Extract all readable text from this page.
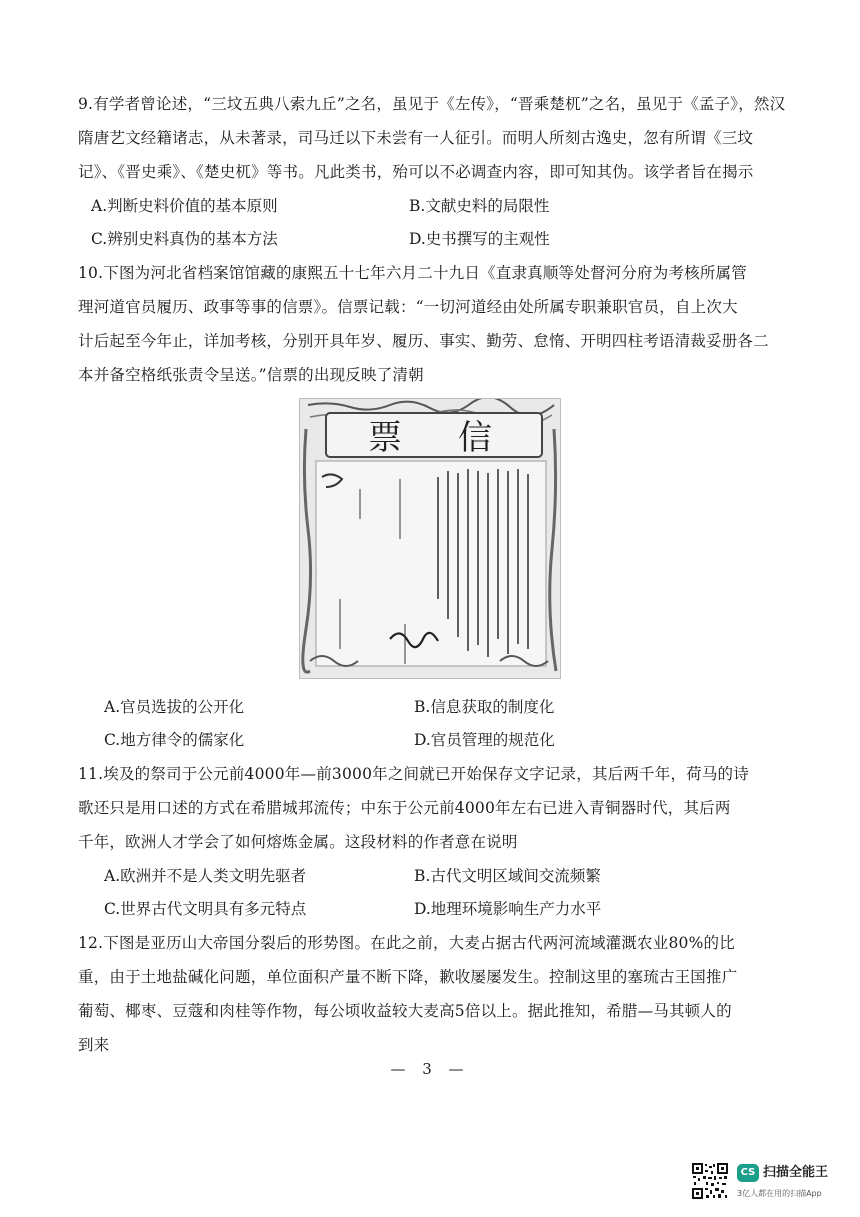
9.有学者曾论述，“三坟五典八索九丘”之名，虽见于《左传》，“晋乘楚杌”之名，虽见于《孟子》，然汉
隋唐艺文经籍诸志，从未著录，司马迁以下未尝有一人征引。而明人所刻古逸史，忽有所谓《三坟
记》、《晋史乘》、《楚史杌》等书。凡此类书，殆可以不必调查内容，即可知其伪。该学者旨在揭示
A.判断史料价值的基本原则	B.文献史料的局限性
C.辨别史料真伪的基本方法	D.史书撰写的主观性
10.下图为河北省档案馆馆藏的康熙五十七年六月二十九日《直隶真顺等处督河分府为考核所属管
理河道官员履历、政事等事的信票》。信票记载：“一切河道经由处所属专职兼职官员，自上次大
计后起至今年止，详加考核，分别开具年岁、履历、事实、勤劳、怠惰、开明四柱考语清裁妥册各二
本并备空格纸张责令呈送。”信票的出现反映了清朝
票 信
A.官员选拔的公开化	B.信息获取的制度化
C.地方律令的儒家化	D.官员管理的规范化
11.埃及的祭司于公元前4000年—前3000年之间就已开始保存文字记录，其后两千年，荷马的诗
歌还只是用口述的方式在希腊城邦流传；中东于公元前4000年左右已进入青铜器时代，其后两
千年，欧洲人才学会了如何熔炼金属。这段材料的作者意在说明
A.欧洲并不是人类文明先驱者	B.古代文明区域间交流频繁
C.世界古代文明具有多元特点	D.地理环境影响生产力水平
12.下图是亚历山大帝国分裂后的形势图。在此之前，大麦占据古代两河流域灌溉农业80%的比
重，由于土地盐碱化问题，单位面积产量不断下降，歉收屡屡发生。控制这里的塞琉古王国推广
葡萄、椰枣、豆蔻和肉桂等作物，每公顷收益较大麦高5倍以上。据此推知，希腊—马其顿人的
到来
— 3 —
CS 扫描全能王
3亿人都在用的扫描App
